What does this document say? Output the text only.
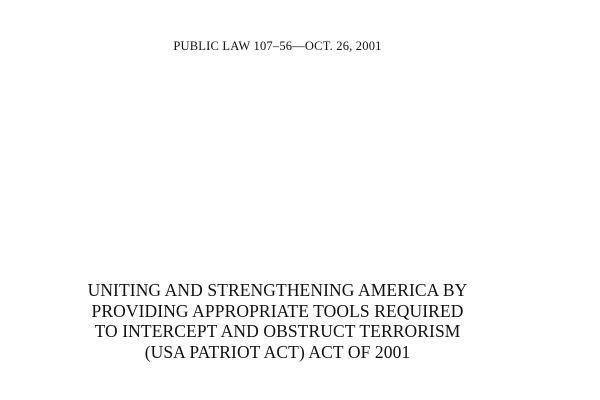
PUBLIC LAW 107–56—OCT. 26, 2001
UNITING AND STRENGTHENING AMERICA BY
PROVIDING APPROPRIATE TOOLS REQUIRED
TO INTERCEPT AND OBSTRUCT TERRORISM
(USA PATRIOT ACT) ACT OF 2001
